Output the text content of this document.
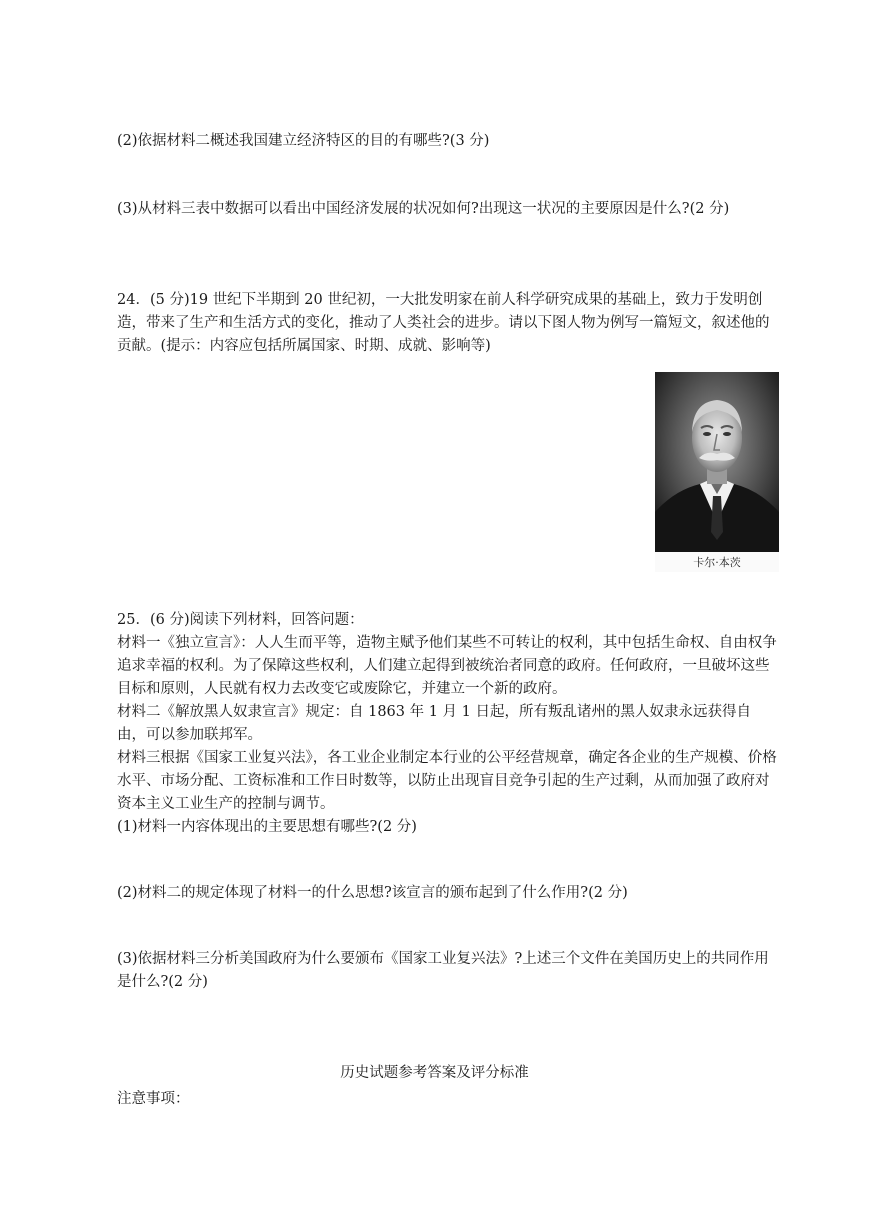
(2)依据材料二概述我国建立经济特区的目的有哪些?(3 分)

(3)从材料三表中数据可以看出中国经济发展的状况如何?出现这一状况的主要原因是什么?(2 分)

24．(5 分)19 世纪下半期到 20 世纪初，一大批发明家在前人科学研究成果的基础上，致力于发明创造，带来了生产和生活方式的变化，推动了人类社会的进步。请以下图人物为例写一篇短文，叙述他的贡献。(提示：内容应包括所属国家、时期、成就、影响等)

卡尔·本茨

25．(6 分)阅读下列材料，回答问题：

材料一《独立宣言》：人人生而平等，造物主赋予他们某些不可转让的权利，其中包括生命权、自由权争追求幸福的权利。为了保障这些权利，人们建立起得到被统治者同意的政府。任何政府，一旦破坏这些目标和原则，人民就有权力去改变它或废除它，并建立一个新的政府。

材料二《解放黑人奴隶宣言》规定：自 1863 年 1 月 1 日起，所有叛乱诸州的黑人奴隶永远获得自由，可以参加联邦军。

材料三根据《国家工业复兴法》，各工业企业制定本行业的公平经营规章，确定各企业的生产规模、价格水平、市场分配、工资标准和工作日时数等，以防止出现盲目竞争引起的生产过剩，从而加强了政府对资本主义工业生产的控制与调节。

(1)材料一内容体现出的主要思想有哪些?(2 分)

(2)材料二的规定体现了材料一的什么思想?该宣言的颁布起到了什么作用?(2 分)

(3)依据材料三分析美国政府为什么要颁布《国家工业复兴法》?上述三个文件在美国历史上的共同作用是什么?(2 分)

历史试题参考答案及评分标准

注意事项：
